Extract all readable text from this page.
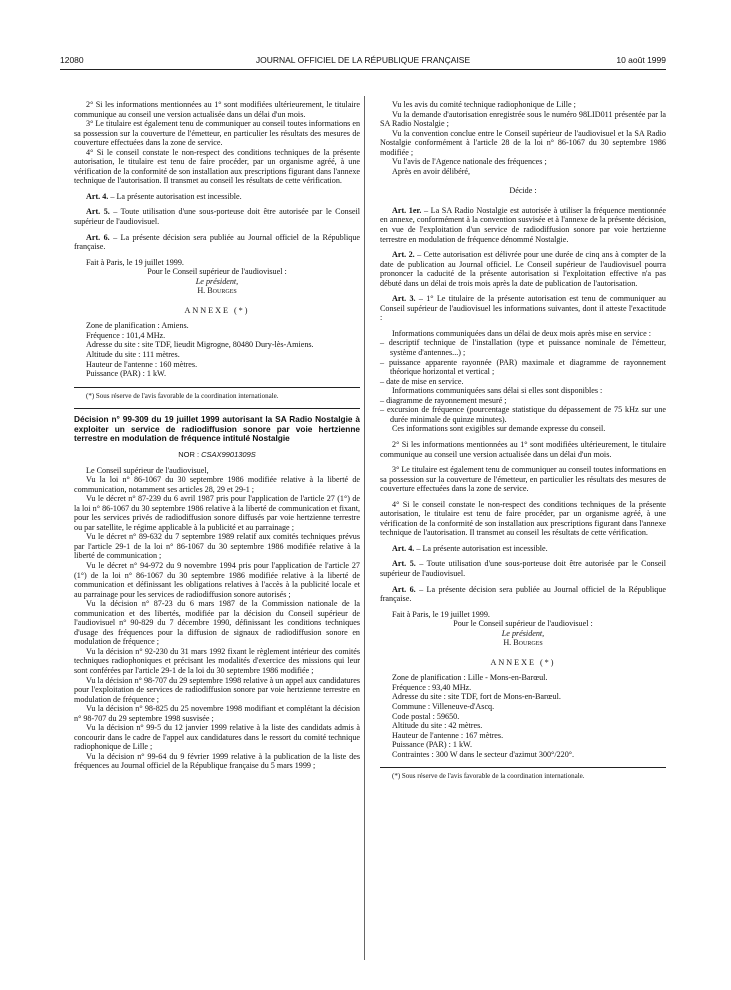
12080	JOURNAL OFFICIEL DE LA RÉPUBLIQUE FRANÇAISE	10 août 1999

2° Si les informations mentionnées au 1° sont modifiées ultérieurement, le titulaire communique au conseil une version actualisée dans un délai d'un mois.

3° Le titulaire est également tenu de communiquer au conseil toutes informations en sa possession sur la couverture de l'émetteur, en particulier les résultats des mesures de couverture effectuées dans la zone de service.

4° Si le conseil constate le non-respect des conditions techniques de la présente autorisation, le titulaire est tenu de faire procéder, par un organisme agréé, à une vérification de la conformité de son installation aux prescriptions figurant dans l'annexe technique de l'autorisation. Il transmet au conseil les résultats de cette vérification.

Art. 4. – La présente autorisation est incessible.

Art. 5. – Toute utilisation d'une sous-porteuse doit être autorisée par le Conseil supérieur de l'audiovisuel.

Art. 6. – La présente décision sera publiée au Journal officiel de la République française.

Fait à Paris, le 19 juillet 1999.

Pour le Conseil supérieur de l'audiovisuel :

Le président,

H. Bourges

ANNEXE (*)

Zone de planification : Amiens.

Fréquence : 101,4 MHz.

Adresse du site : site TDF, lieudit Migrogne, 80480 Dury-lès-Amiens.

Altitude du site : 111 mètres.

Hauteur de l'antenne : 160 mètres.

Puissance (PAR) : 1 kW.

(*) Sous réserve de l'avis favorable de la coordination internationale.

Décision n° 99-309 du 19 juillet 1999 autorisant la SA Radio Nostalgie à exploiter un service de radiodiffusion sonore par voie hertzienne terrestre en modulation de fréquence intitulé Nostalgie

NOR : CSAX9901309S

Le Conseil supérieur de l'audiovisuel,

Vu la loi n° 86-1067 du 30 septembre 1986 modifiée relative à la liberté de communication, notamment ses articles 28, 29 et 29-1 ;

Vu le décret n° 87-239 du 6 avril 1987 pris pour l'application de l'article 27 (1°) de la loi n° 86-1067 du 30 septembre 1986 relative à la liberté de communication et fixant, pour les services privés de radiodiffusion sonore diffusés par voie hertzienne terrestre ou par satellite, le régime applicable à la publicité et au parrainage ;

Vu le décret n° 89-632 du 7 septembre 1989 relatif aux comités techniques prévus par l'article 29-1 de la loi n° 86-1067 du 30 septembre 1986 modifiée relative à la liberté de communication ;

Vu le décret n° 94-972 du 9 novembre 1994 pris pour l'application de l'article 27 (1°) de la loi n° 86-1067 du 30 septembre 1986 modifiée relative à la liberté de communication et définissant les obligations relatives à l'accès à la publicité locale et au parrainage pour les services de radiodiffusion sonore autorisés ;

Vu la décision n° 87-23 du 6 mars 1987 de la Commission nationale de la communication et des libertés, modifiée par la décision du Conseil supérieur de l'audiovisuel n° 90-829 du 7 décembre 1990, définissant les conditions techniques d'usage des fréquences pour la diffusion de signaux de radiodiffusion sonore en modulation de fréquence ;

Vu la décision n° 92-230 du 31 mars 1992 fixant le règlement intérieur des comités techniques radiophoniques et précisant les modalités d'exercice des missions qui leur sont conférées par l'article 29-1 de la loi du 30 septembre 1986 modifiée ;

Vu la décision n° 98-707 du 29 septembre 1998 relative à un appel aux candidatures pour l'exploitation de services de radiodiffusion sonore par voie hertzienne terrestre en modulation de fréquence ;

Vu la décision n° 98-825 du 25 novembre 1998 modifiant et complétant la décision n° 98-707 du 29 septembre 1998 susvisée ;

Vu la décision n° 99-5 du 12 janvier 1999 relative à la liste des candidats admis à concourir dans le cadre de l'appel aux candidatures dans le ressort du comité technique radiophonique de Lille ;

Vu la décision n° 99-64 du 9 février 1999 relative à la publication de la liste des fréquences au Journal officiel de la République française du 5 mars 1999 ;

Vu les avis du comité technique radiophonique de Lille ;

Vu la demande d'autorisation enregistrée sous le numéro 98LID011 présentée par la SA Radio Nostalgie ;

Vu la convention conclue entre le Conseil supérieur de l'audiovisuel et la SA Radio Nostalgie conformément à l'article 28 de la loi n° 86-1067 du 30 septembre 1986 modifiée ;

Vu l'avis de l'Agence nationale des fréquences ;

Après en avoir délibéré,

Décide :

Art. 1er. – La SA Radio Nostalgie est autorisée à utiliser la fréquence mentionnée en annexe, conformément à la convention susvisée et à l'annexe de la présente décision, en vue de l'exploitation d'un service de radiodiffusion sonore par voie hertzienne terrestre en modulation de fréquence dénommé Nostalgie.

Art. 2. – Cette autorisation est délivrée pour une durée de cinq ans à compter de la date de publication au Journal officiel. Le Conseil supérieur de l'audiovisuel pourra prononcer la caducité de la présente autorisation si l'exploitation effective n'a pas débuté dans un délai de trois mois après la date de publication de l'autorisation.

Art. 3. – 1° Le titulaire de la présente autorisation est tenu de communiquer au Conseil supérieur de l'audiovisuel les informations suivantes, dont il atteste l'exactitude :

Informations communiquées dans un délai de deux mois après mise en service :

– descriptif technique de l'installation (type et puissance nominale de l'émetteur, système d'antennes...) ;

– puissance apparente rayonnée (PAR) maximale et diagramme de rayonnement théorique horizontal et vertical ;

– date de mise en service.

Informations communiquées sans délai si elles sont disponibles :

– diagramme de rayonnement mesuré ;

– excursion de fréquence (pourcentage statistique du dépassement de 75 kHz sur une durée minimale de quinze minutes).

Ces informations sont exigibles sur demande expresse du conseil.

2° Si les informations mentionnées au 1° sont modifiées ultérieurement, le titulaire communique au conseil une version actualisée dans un délai d'un mois.

3° Le titulaire est également tenu de communiquer au conseil toutes informations en sa possession sur la couverture de l'émetteur, en particulier les résultats des mesures de couverture effectuées dans la zone de service.

4° Si le conseil constate le non-respect des conditions techniques de la présente autorisation, le titulaire est tenu de faire procéder, par un organisme agréé, à une vérification de la conformité de son installation aux prescriptions figurant dans l'annexe technique de l'autorisation. Il transmet au conseil les résultats de cette vérification.

Art. 4. – La présente autorisation est incessible.

Art. 5. – Toute utilisation d'une sous-porteuse doit être autorisée par le Conseil supérieur de l'audiovisuel.

Art. 6. – La présente décision sera publiée au Journal officiel de la République française.

Fait à Paris, le 19 juillet 1999.

Pour le Conseil supérieur de l'audiovisuel :

Le président,

H. Bourges

ANNEXE (*)

Zone de planification : Lille - Mons-en-Barœul.

Fréquence : 93,40 MHz.

Adresse du site : site TDF, fort de Mons-en-Barœul.

Commune : Villeneuve-d'Ascq.

Code postal : 59650.

Altitude du site : 42 mètres.

Hauteur de l'antenne : 167 mètres.

Puissance (PAR) : 1 kW.

Contraintes : 300 W dans le secteur d'azimut 300°/220°.

(*) Sous réserve de l'avis favorable de la coordination internationale.
